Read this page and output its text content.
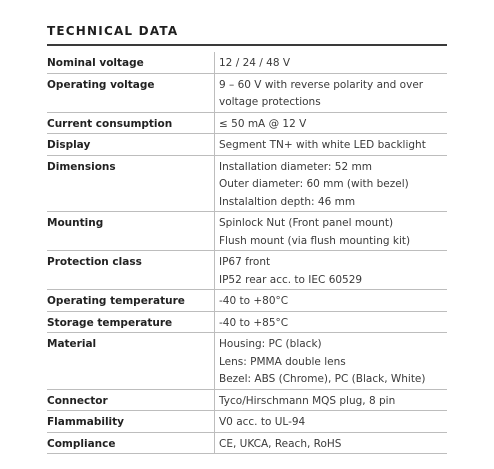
TECHNICAL DATA
Nominal voltage	12 / 24 / 48 V
Operating voltage	9 – 60 V with reverse polarity and over
voltage protections
Current consumption	≤ 50 mA @ 12 V
Display	Segment TN+ with white LED backlight
Dimensions	Installation diameter: 52 mm
Outer diameter: 60 mm (with bezel)
Instalaltion depth: 46 mm
Mounting	Spinlock Nut (Front panel mount)
Flush mount (via flush mounting kit)
Protection class	IP67 front
IP52 rear acc. to IEC 60529
Operating temperature	-40 to +80°C
Storage temperature	-40 to +85°C
Material	Housing: PC (black)
Lens: PMMA double lens
Bezel: ABS (Chrome), PC (Black, White)
Connector	Tyco/Hirschmann MQS plug, 8 pin
Flammability	V0 acc. to UL-94
Compliance	CE, UKCA, Reach, RoHS
